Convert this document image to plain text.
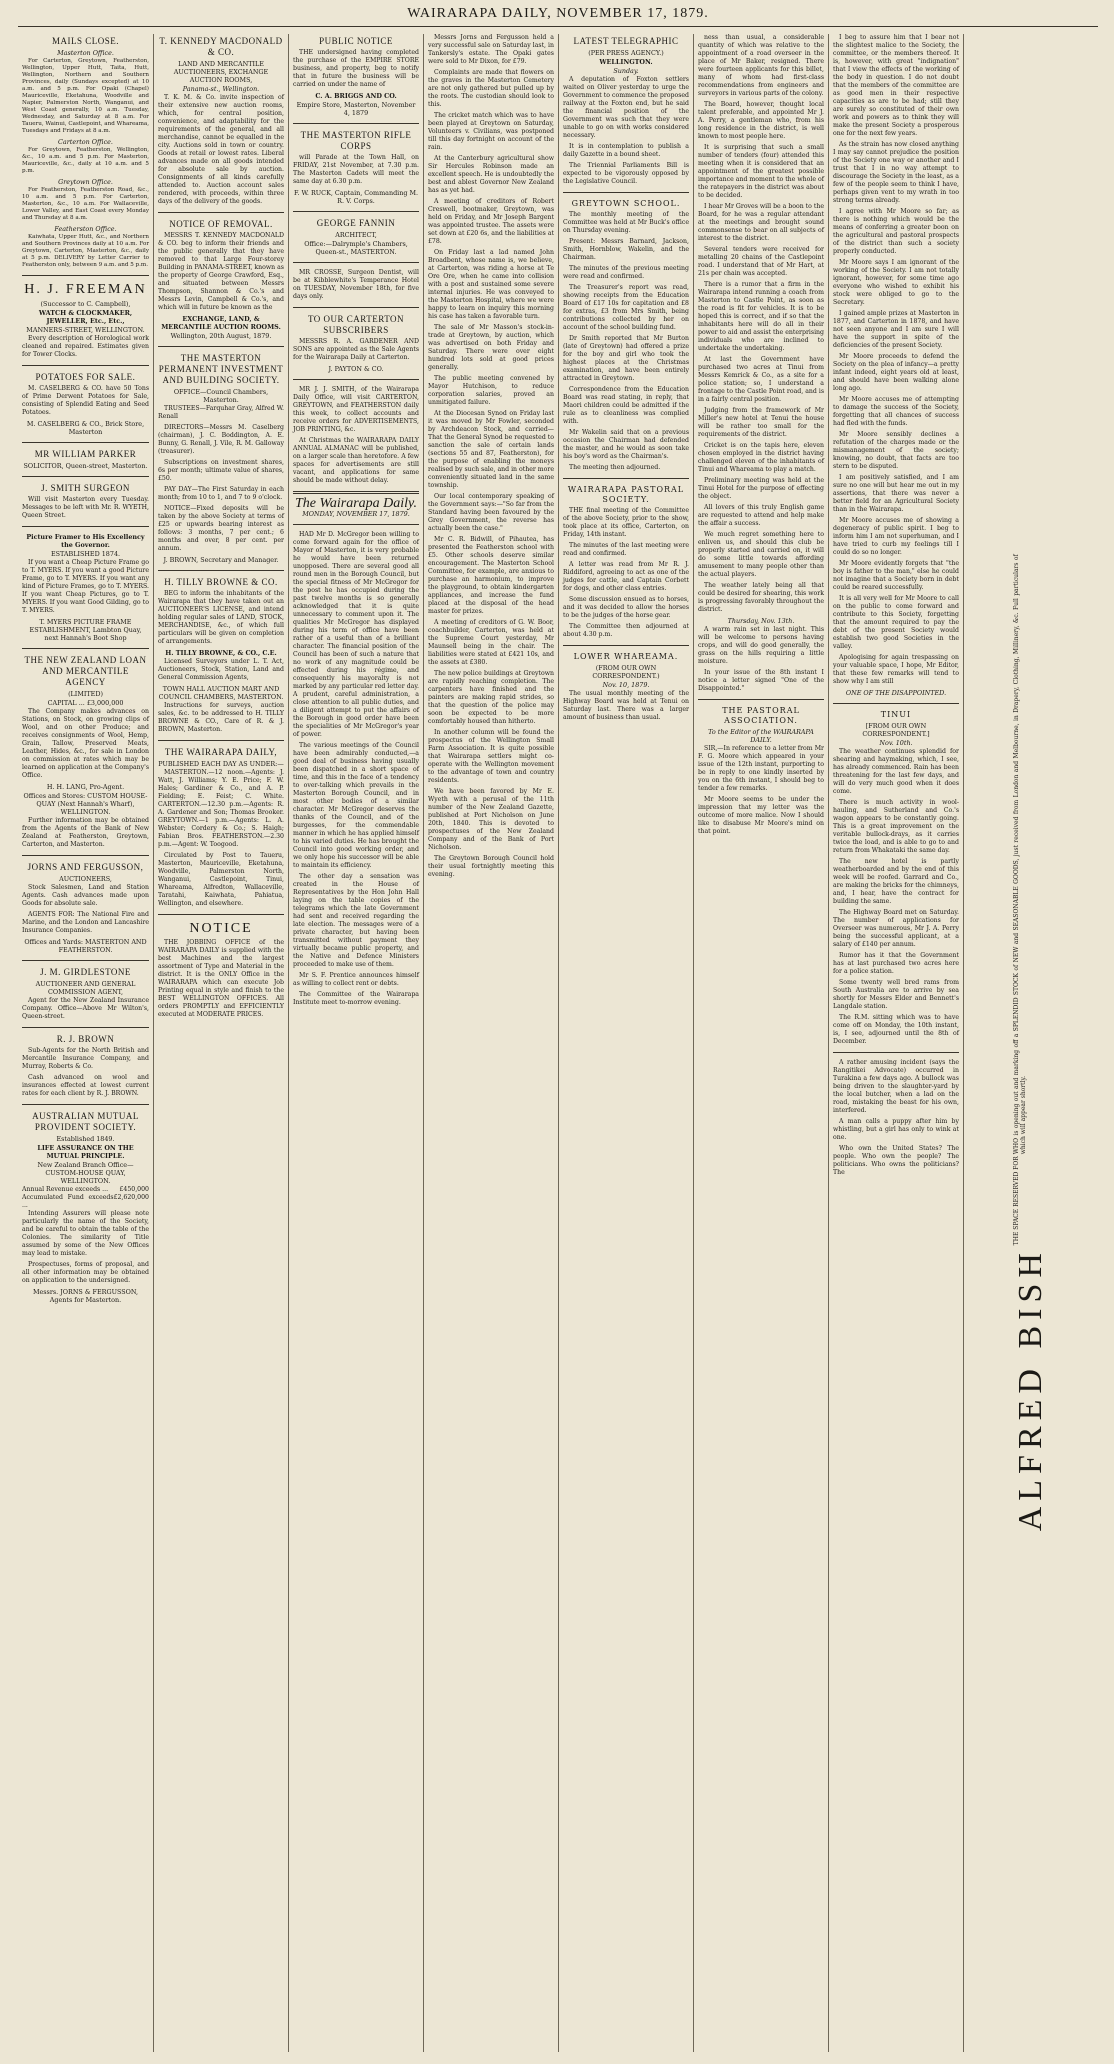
WAIRARAPA DAILY, NOVEMBER 17, 1879.
MAILS CLOSE.
Masterton Office.
For Carterton, Greytown, Featherston, Wellington, Upper Hutt, Taita, Hutt, Wellington, Northern and Southern Provinces, daily (Sundays excepted) at 10 a.m. and 5 p.m. For Opaki (Chapel) Mauriceville, Eketahuna, Woodville and Napier, Palmerston North, Wanganui, and West Coast generally, 10 a.m. Tuesday, Wednesday, and Saturday at 8 a.m. For Taueru, Wainui, Castlepoint, and Whareama, Tuesdays and Fridays at 8 a.m.
Carterton Office.
For Greytown, Featherston, Wellington, &c., 10 a.m. and 5 p.m. For Masterton, Mauriceville, &c., daily at 10 a.m. and 5 p.m.
Greytown Office.
For Featherston, Featherston Road, &c., 10 a.m. and 5 p.m. For Carterton, Masterton, &c., 10 a.m. For Wallaceville, Lower Valley, and East Coast every Monday and Thursday at 8 a.m.
Featherston Office.
Kaiwhata, Upper Hutt, &c., and Northern and Southern Provinces daily at 10 a.m. For Greytown, Carterton, Masterton, &c., daily at 5 p.m. DELIVERY by Letter Carrier to Featherston only, between 9 a.m. and 5 p.m.
H. J. FREEMAN
(Successor to C. Campbell),
WATCH & CLOCKMAKER, JEWELLER, Etc., Etc.,
MANNERS-STREET, WELLINGTON.
Every description of Horological work cleaned and repaired. Estimates given for Tower Clocks.
POTATOES FOR SALE.
M. CASELBERG & CO. have 50 Tons of Prime Derwent Potatoes for Sale, consisting of Splendid Eating and Seed Potatoes.
M. CASELBERG & CO., Brick Store, Masterton
MR WILLIAM PARKER
SOLICITOR, Queen-street, Masterton.
J. SMITH SURGEON
Will visit Masterton every Tuesday. Messages to be left with Mr. R. WYETH, Queen Street.
Picture Framer to His Excellency the Governor.
ESTABLISHED 1874.
If you want a Cheap Picture Frame go to T. MYERS. If you want a good Picture Frame, go to T. MYERS. If you want any kind of Picture Frames, go to T. MYERS. If you want Cheap Pictures, go to T. MYERS. If you want Good Gilding, go to T. MYERS.
T. MYERS PICTURE FRAME ESTABLISHMENT, Lambton Quay, next Hannah's Boot Shop
THE NEW ZEALAND LOAN AND MERCANTILE AGENCY
(LIMITED)
CAPITAL ... £3,000,000
The Company makes advances on Stations, on Stock, on growing clips of Wool, and on other Produce; and receives consignments of Wool, Hemp, Grain, Tallow, Preserved Meats, Leather, Hides, &c., for sale in London on commission at rates which may be learned on application at the Company's Office.
H. H. LANG, Pro-Agent.
Offices and Stores: CUSTOM HOUSE-QUAY (Next Hannah's Wharf), WELLINGTON.
Further information may be obtained from the Agents of the Bank of New Zealand at Featherston, Greytown, Carterton, and Masterton.
JORNS AND FERGUSSON,
AUCTIONEERS,
Stock Salesmen, Land and Station Agents. Cash advances made upon Goods for absolute sale.
AGENTS FOR: The National Fire and Marine, and the London and Lancashire Insurance Companies.
Offices and Yards: MASTERTON AND FEATHERSTON.
J. M. GIRDLESTONE
AUCTIONEER AND GENERAL COMMISSION AGENT,
Agent for the New Zealand Insurance Company. Office—Above Mr Wilton's, Queen-street.
R. J. BROWN
Sub-Agents for the North British and Mercantile Insurance Company, and Murray, Roberts & Co.
Cash advanced on wool and insurances effected at lowest current rates for each client by R. J. BROWN.
AUSTRALIAN MUTUAL PROVIDENT SOCIETY.
Established 1849.
LIFE ASSURANCE ON THE MUTUAL PRINCIPLE.
New Zealand Branch Office—CUSTOM-HOUSE QUAY, WELLINGTON.
Annual Revenue exceeds ... £450,000
Accumulated Fund exceeds ...
£2,620,000
Intending Assurers will please note particularly the name of the Society, and be careful to obtain the table of the Colonies. The similarity of Title assumed by some of the New Offices may lead to mistake.
Prospectuses, forms of proposal, and all other information may be obtained on application to the undersigned.
Messrs. JORNS & FERGUSSON, Agents for Masterton.
T. KENNEDY MACDONALD & CO.
LAND AND MERCANTILE AUCTIONEERS, EXCHANGE AUCTION ROOMS,
Panama-st., Wellington.
T. K. M. & Co. invite inspection of their extensive new auction rooms, which, for central position, convenience, and adaptability for the requirements of the general, and all merchandise, cannot be equalled in the city. Auctions sold in town or country. Goods at retail or lowest rates. Liberal advances made on all goods intended for absolute sale by auction. Consignments of all kinds carefully attended to. Auction account sales rendered, with proceeds, within three days of the delivery of the goods.
NOTICE OF REMOVAL.
MESSRS T. KENNEDY MACDONALD & CO. beg to inform their friends and the public generally that they have removed to that Large Four-storey Building in PANAMA-STREET, known as the property of George Crawford, Esq., and situated between Messrs Thompson, Shannon & Co.'s and Messrs Levin, Campbell & Co.'s, and which will in future be known as the
EXCHANGE, LAND, & MERCANTILE AUCTION ROOMS.
Wellington, 20th August, 1879.
THE MASTERTON PERMANENT INVESTMENT AND BUILDING SOCIETY.
OFFICE—Council Chambers, Masterton.
TRUSTEES—Farquhar Gray, Alfred W. Renall
DIRECTORS—Messrs M. Caselberg (chairman), J. C. Boddington, A. E. Bunny, G. Renall, J. Vile, R. M. Galloway (treasurer).
Subscriptions on investment shares, 6s per month; ultimate value of shares, £50.
PAY DAY—The First Saturday in each month; from 10 to 1, and 7 to 9 o'clock.
NOTICE—Fixed deposits will be taken by the above Society at terms of £25 or upwards bearing interest as follows: 3 months, 7 per cent.; 6 months and over, 8 per cent. per annum.
J. BROWN, Secretary and Manager.
H. TILLY BROWNE & CO.
BEG to inform the inhabitants of the Wairarapa that they have taken out an AUCTIONEER'S LICENSE, and intend holding regular sales of LAND, STOCK, MERCHANDISE, &c., of which full particulars will be given on completion of arrangements.
H. TILLY BROWNE, & CO., C.E.
Licensed Surveyors under L. T. Act, Auctioneers, Stock, Station, Land and General Commission Agents,
TOWN HALL AUCTION MART AND COUNCIL CHAMBERS, MASTERTON.
Instructions for surveys, auction sales, &c. to be addressed to H. TILLY BROWNE & CO., Care of R. & J. BROWN, Masterton.
THE WAIRARAPA DAILY,
PUBLISHED EACH DAY AS UNDER:—
MASTERTON.—12 noon.—Agents: J. Watt, J. Williams; Y. E. Price; F. W. Hales; Gardiner & Co., and A. P. Fielding; E. Feist; C. White. CARTERTON.—12.30 p.m.—Agents: R. A. Gardener and Son; Thomas Brooker. GREYTOWN.—1 p.m.—Agents: L. A. Webster; Cordery & Co.; S. Haigh; Fabian Bros. FEATHERSTON.—2.30 p.m.—Agent: W. Toogood.
Circulated by Post to Taueru, Masterton, Mauriceville, Eketahuna, Woodville, Palmerston North, Wanganui, Castlepoint, Tinui, Whareama, Alfredton, Wallaceville, Taratahi, Kaiwhata, Pahiatua, Wellington, and elsewhere.
NOTICE
THE JOBBING OFFICE of the WAIRARAPA DAILY is supplied with the best Machines and the largest assortment of Type and Material in the district. It is the ONLY Office in the WAIRARAPA which can execute Job Printing equal in style and finish to the BEST WELLINGTON OFFICES. All orders PROMPTLY and EFFICIENTLY executed at MODERATE PRICES.
PUBLIC NOTICE
THE undersigned having completed the purchase of the EMPIRE STORE business, and property, beg to notify that in future the business will be carried on under the name of
C. A. BRIGGS AND CO.
Empire Store, Masterton, November 4, 1879
THE MASTERTON RIFLE CORPS
will Parade at the Town Hall, on FRIDAY, 21st November, at 7.30 p.m. The Masterton Cadets will meet the same day at 6.30 p.m.
F. W. RUCK, Captain, Commanding M. R. V. Corps.
GEORGE FANNIN
ARCHITECT,
Office:—Dalrymple's Chambers, Queen-st., MASTERTON.
MR CROSSE, Surgeon Dentist, will be at Kibblewhite's Temperance Hotel on TUESDAY, November 18th, for five days only.
TO OUR CARTERTON SUBSCRIBERS
MESSRS R. A. GARDENER AND SONS are appointed as the Sale Agents for the Wairarapa Daily at Carterton.
J. PAYTON & CO.
MR J. J. SMITH, of the Wairarapa Daily Office, will visit CARTERTON, GREYTOWN, and FEATHERSTON daily this week, to collect accounts and receive orders for ADVERTISEMENTS, JOB PRINTING, &c.
At Christmas the WAIRARAPA DAILY ANNUAL ALMANAC will be published, on a larger scale than heretofore. A few spaces for advertisements are still vacant, and applications for same should be made without delay.
The Wairarapa Daily.
MONDAY, NOVEMBER 17, 1879.
HAD Mr D. McGregor been willing to come forward again for the office of Mayor of Masterton, it is very probable he would have been returned unopposed. There are several good all round men in the Borough Council, but the special fitness of Mr McGregor for the post he has occupied during the past twelve months is so generally acknowledged that it is quite unnecessary to comment upon it. The qualities Mr McGregor has displayed during his term of office have been rather of a useful than of a brilliant character. The financial position of the Council has been of such a nature that no work of any magnitude could be effected during his régime, and consequently his mayoralty is not marked by any particular red letter day. A prudent, careful administration, a close attention to all public duties, and a diligent attempt to put the affairs of the Borough in good order have been the specialities of Mr McGregor's year of power.
The various meetings of the Council have been admirably conducted,—a good deal of business having usually been dispatched in a short space of time, and this in the face of a tendency to over-talking which prevails in the Masterton Borough Council, and in most other bodies of a similar character. Mr McGregor deserves the thanks of the Council, and of the burgesses, for the commendable manner in which he has applied himself to his varied duties. He has brought the Council into good working order, and we only hope his successor will be able to maintain its efficiency.
The other day a sensation was created in the House of Representatives by the Hon John Hall laying on the table copies of the telegrams which the late Government had sent and received regarding the late election. The messages were of a private character, but having been transmitted without payment they virtually became public property, and the Native and Defence Ministers proceeded to make use of them.
Mr S. F. Prentice announces himself as willing to collect rent or debts.
The Committee of the Wairarapa Institute meet to-morrow evening.
Messrs Jorns and Fergusson held a very successful sale on Saturday last, in Tankersly's estate. The Opaki gates were sold to Mr Dixon, for £79.
Complaints are made that flowers on the graves in the Masterton Cemetery are not only gathered but pulled up by the roots. The custodian should look to this.
The cricket match which was to have been played at Greytown on Saturday, Volunteers v. Civilians, was postponed till this day fortnight on account of the rain.
At the Canterbury agricultural show Sir Hercules Robinson made an excellent speech. He is undoubtedly the best and ablest Governor New Zealand has as yet had.
A meeting of creditors of Robert Creswell, bootmaker, Greytown, was held on Friday, and Mr Joseph Bargent was appointed trustee. The assets were set down at £20 6s, and the liabilities at £78.
On Friday last a lad named John Broadbent, whose name is, we believe, at Carterton, was riding a horse at Te Ore Ore, when he came into collision with a post and sustained some severe internal injuries. He was conveyed to the Masterton Hospital, where we were happy to learn on inquiry this morning his case has taken a favorable turn.
The sale of Mr Masson's stock-in-trade at Greytown, by auction, which was advertised on both Friday and Saturday. There were over eight hundred lots sold at good prices generally.
The public meeting convened by Mayor Hutchison, to reduce corporation salaries, proved an unmitigated failure.
At the Diocesan Synod on Friday last it was moved by Mr Fowler, seconded by Archdeacon Stock, and carried—That the General Synod be requested to sanction the sale of certain lands (sections 55 and 87, Featherston), for the purpose of enabling the moneys realised by such sale, and in other more conveniently situated land in the same township.
Our local contemporary speaking of the Government says:—"So far from the Standard having been favoured by the Grey Government, the reverse has actually been the case."
Mr C. R. Bidwill, of Pihautea, has presented the Featherston school with £5. Other schools deserve similar encouragement. The Masterton School Committee, for example, are anxious to purchase an harmonium, to improve the playground, to obtain kindergarten appliances, and increase the fund placed at the disposal of the head master for prizes.
A meeting of creditors of G. W. Boor, coachbuilder, Carterton, was held at the Supreme Court yesterday, Mr Maunsell being in the chair. The liabilities were stated at £421 10s, and the assets at £380.
The new police buildings at Greytown are rapidly reaching completion. The carpenters have finished and the painters are making rapid strides, so that the question of the police may soon be expected to be more comfortably housed than hitherto.
In another column will be found the prospectus of the Wellington Small Farm Association. It is quite possible that Wairarapa settlers might co-operate with the Wellington movement to the advantage of town and country residents.
We have been favored by Mr E. Wyeth with a perusal of the 11th number of the New Zealand Gazette, published at Port Nicholson on June 20th, 1840. This is devoted to prospectuses of the New Zealand Company and of the Bank of Port Nicholson.
The Greytown Borough Council hold their usual fortnightly meeting this evening.
LATEST TELEGRAPHIC
(PER PRESS AGENCY.)
WELLINGTON.
Sunday.
A deputation of Foxton settlers waited on Oliver yesterday to urge the Government to commence the proposed railway at the Foxton end, but he said the financial position of the Government was such that they were unable to go on with works considered necessary.
It is in contemplation to publish a daily Gazette in a bound sheet.
The Triennial Parliaments Bill is expected to be vigorously opposed by the Legislative Council.
GREYTOWN SCHOOL.
The monthly meeting of the Committee was held at Mr Buck's office on Thursday evening.
Present: Messrs Barnard, Jackson, Smith, Hornblow, Wakelin, and the Chairman.
The minutes of the previous meeting were read and confirmed.
The Treasurer's report was read, showing receipts from the Education Board of £17 10s for capitation and £8 for extras, £3 from Mrs Smith, being contributions collected by her on account of the school building fund.
Dr Smith reported that Mr Burton (late of Greytown) had offered a prize for the boy and girl who took the highest places at the Christmas examination, and have been entirely attracted in Greytown.
Correspondence from the Education Board was read stating, in reply, that Maori children could be admitted if the rule as to cleanliness was complied with.
Mr Wakelin said that on a previous occasion the Chairman had defended the master, and he would as soon take his boy's word as the Chairman's.
The meeting then adjourned.
WAIRARAPA PASTORAL SOCIETY.
THE final meeting of the Committee of the above Society, prior to the show, took place at its office, Carterton, on Friday, 14th instant.
The minutes of the last meeting were read and confirmed.
A letter was read from Mr R. J. Riddiford, agreeing to act as one of the judges for cattle, and Captain Corbett for dogs, and other class entries.
Some discussion ensued as to horses, and it was decided to allow the horses to be the judges of the horse gear.
The Committee then adjourned at about 4.30 p.m.
LOWER WHAREAMA.
(FROM OUR OWN CORRESPONDENT.)
Nov. 10, 1879.
The usual monthly meeting of the Highway Board was held at Tenui on Saturday last. There was a larger amount of business than usual.
ness than usual, a considerable quantity of which was relative to the appointment of a road overseer in the place of Mr Baker, resigned. There were fourteen applicants for this billet, many of whom had first-class recommendations from engineers and surveyors in various parts of the colony.
The Board, however, thought local talent preferable, and appointed Mr J. A. Perry, a gentleman who, from his long residence in the district, is well known to most people here.
It is surprising that such a small number of tenders (four) attended this meeting when it is considered that an appointment of the greatest possible importance and moment to the whole of the ratepayers in the district was about to be decided.
I hear Mr Groves will be a boon to the Board, for he was a regular attendant at the meetings and brought sound commonsense to bear on all subjects of interest to the district.
Several tenders were received for metalling 20 chains of the Castlepoint road. I understand that of Mr Hart, at 21s per chain was accepted.
There is a rumor that a firm in the Wairarapa intend running a coach from Masterton to Castle Point, as soon as the road is fit for vehicles. It is to be hoped this is correct, and if so that the inhabitants here will do all in their power to aid and assist the enterprising individuals who are inclined to undertake the undertaking.
At last the Government have purchased two acres at Tinui from Messrs Kemrick & Co., as a site for a police station; so, I understand a frontage to the Castle Point road, and is in a fairly central position.
Judging from the framework of Mr Miller's new hotel at Tenui the house will be rather too small for the requirements of the district.
Cricket is on the tapis here, eleven chosen employed in the district having challenged eleven of the inhabitants of Tinui and Whareama to play a match.
Preliminary meeting was held at the Tinui Hotel for the purpose of effecting the object.
All lovers of this truly English game are requested to attend and help make the affair a success.
We much regret something here to enliven us, and should this club be properly started and carried on, it will do some little towards affording amusement to many people other than the actual players.
The weather lately being all that could be desired for shearing, this work is progressing favorably throughout the district.
Thursday, Nov. 13th.
A warm rain set in last night. This will be welcome to persons having crops, and will do good generally, the grass on the hills requiring a little moisture.
In your issue of the 8th instant I notice a letter signed "One of the Disappointed."
THE PASTORAL ASSOCIATION.
To the Editor of the WAIRARAPA DAILY.
SIR,—In reference to a letter from Mr F. G. Moore which appeared in your issue of the 12th instant, purporting to be in reply to one kindly inserted by you on the 6th instant, I should beg to tender a few remarks.
Mr Moore seems to be under the impression that my letter was the outcome of more malice. Now I should like to disabuse Mr Moore's mind on that point.
I beg to assure him that I bear not the slightest malice to the Society, the committee, or the members thereof. It is, however, with great "indignation" that I view the effects of the working of the body in question. I do not doubt that the members of the committee are as good men in their respective capacities as are to be had; still they are surely so constituted of their own work and powers as to think they will make the present Society a prosperous one for the next few years.
As the strain has now closed anything I may say cannot prejudice the position of the Society one way or another and I trust that I in no way attempt to discourage the Society in the least, as a few of the people seem to think I have, perhaps given vent to my wrath in too strong terms already.
I agree with Mr Moore so far; as there is nothing which would be the means of conferring a greater boon on the agricultural and pastoral prospects of the district than such a society properly conducted.
Mr Moore says I am ignorant of the working of the Society. I am not totally ignorant, however, for some time ago everyone who wished to exhibit his stock were obliged to go to the Secretary.
I gained ample prizes at Masterton in 1877, and Carterton in 1878, and have not seen anyone and I am sure I will have the support in spite of the deficiencies of the present Society.
Mr Moore proceeds to defend the Society on the plea of infancy—a pretty infant indeed, eight years old at least, and should have been walking alone long ago.
Mr Moore accuses me of attempting to damage the success of the Society, forgetting that all chances of success had fled with the funds.
Mr Moore sensibly declines a refutation of the charges made or the mismanagement of the society; knowing, no doubt, that facts are too stern to be disputed.
I am positively satisfied, and I am sure no one will but hear me out in my assertions, that there was never a better field for an Agricultural Society than in the Wairarapa.
Mr Moore accuses me of showing a degeneracy of public spirit. I beg to inform him I am not superhuman, and I have tried to curb my feelings till I could do so no longer.
Mr Moore evidently forgets that "the boy is father to the man," else he could not imagine that a Society born in debt could be reared successfully.
It is all very well for Mr Moore to call on the public to come forward and contribute to this Society, forgetting that the amount required to pay the debt of the present Society would establish two good Societies in the valley.
Apologising for again trespassing on your valuable space, I hope, Mr Editor, that these few remarks will tend to show why I am still
ONE OF THE DISAPPOINTED.
TINUI
[FROM OUR OWN CORRESPONDENT.]
Nov. 10th.
The weather continues splendid for shearing and haymaking, which, I see, has already commenced. Rain has been threatening for the last few days, and will do very much good when it does come.
There is much activity in wool-hauling, and Sutherland and Co.'s wagon appears to be constantly going. This is a great improvement on the veritable bullock-drays, as it carries twice the load, and is able to go to and return from Whakataki the same day.
The new hotel is partly weatherboarded and by the end of this week will be roofed. Garrard and Co., are making the bricks for the chimneys, and, I hear, have the contract for building the same.
The Highway Board met on Saturday. The number of applications for Overseer was numerous, Mr J. A. Perry being the successful applicant, at a salary of £140 per annum.
Rumor has it that the Government has at last purchased two acres here for a police station.
Some twenty well bred rams from South Australia are to arrive by sea shortly for Messrs Elder and Bennett's Langdale station.
The R.M. sitting which was to have come off on Monday, the 10th instant, is, I see, adjourned until the 8th of December.
A rather amusing incident (says the Rangitikei Advocate) occurred in Turakina a few days ago. A bullock was being driven to the slaughter-yard by the local butcher, when a lad on the road, mistaking the beast for his own, interfered.
A man calls a puppy after him by whistling, but a girl has only to wink at one.
Who own the United States? The people. Who own the people? The politicians. Who owns the politicians? The
ALFRED BISH
THE SPACE RESERVED FOR
WHO is opening out and marking off a SPLENDID STOCK of NEW and SEASONABLE GOODS, just received from London and Melbourne, in Drapery, Clothing, Millinery, &c. Full particulars of which will appear shortly.
